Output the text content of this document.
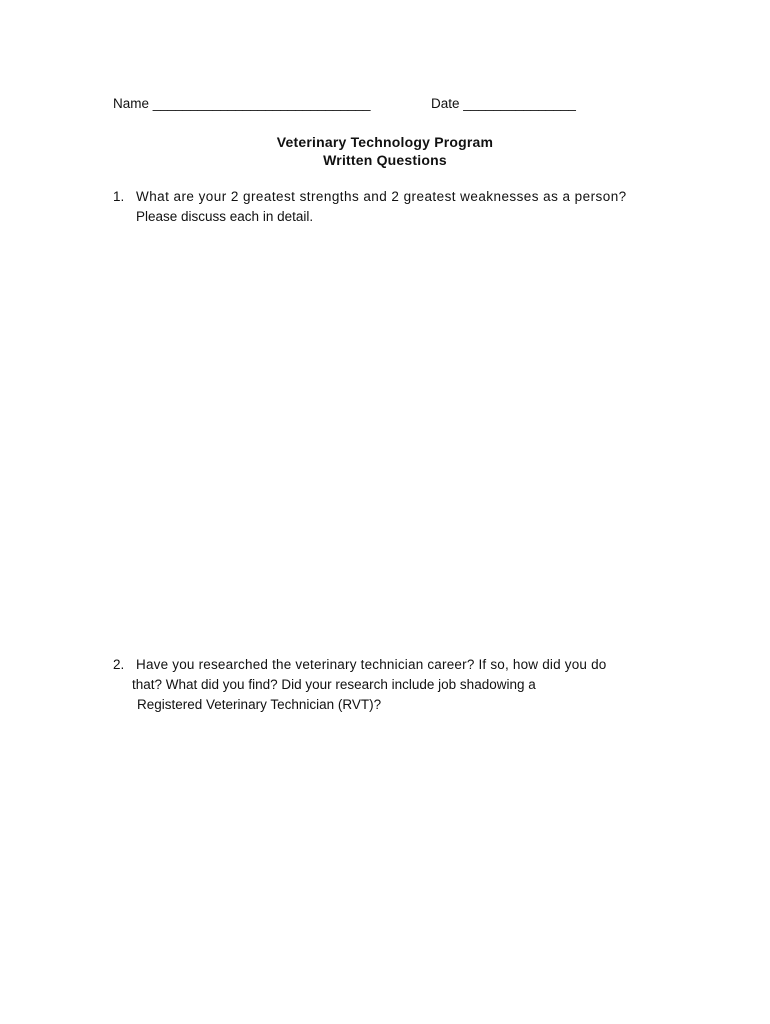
Name _____________________________	Date _______________
Veterinary Technology Program
Written Questions
1. What are your 2 greatest strengths and 2 greatest weaknesses as a person?
Please discuss each in detail.
2. Have you researched the veterinary technician career? If so, how did you do
that? What did you find? Did your research include job shadowing a
Registered Veterinary Technician (RVT)?
